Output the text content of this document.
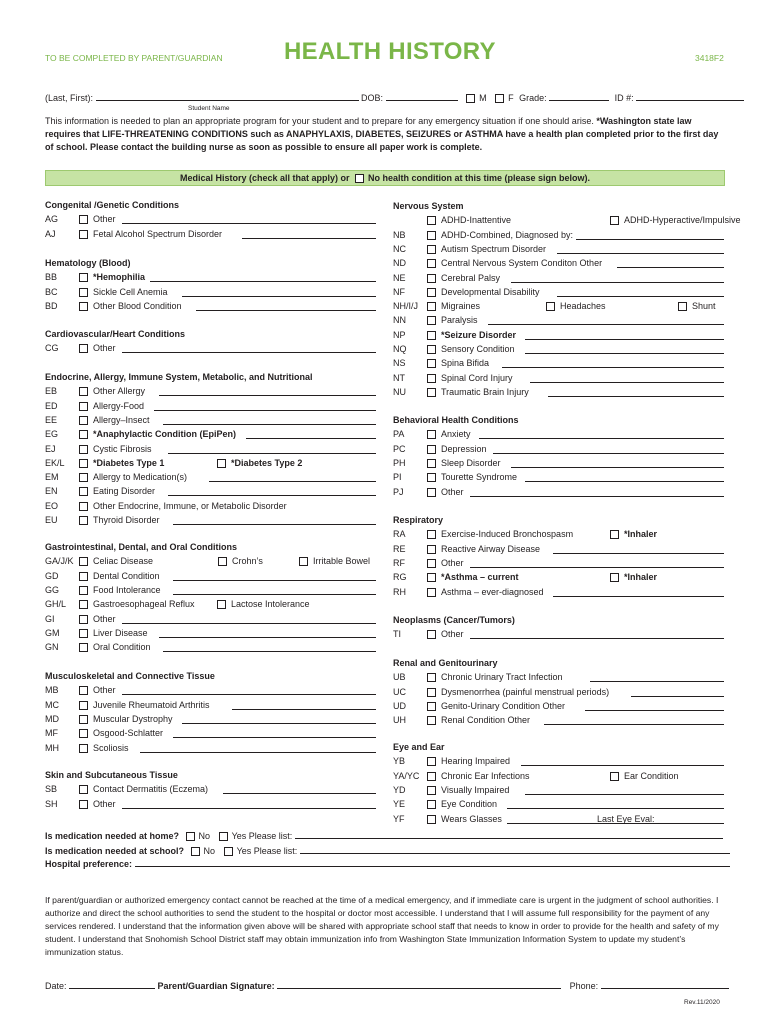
TO BE COMPLETED BY PARENT/GUARDIAN	HEALTH HISTORY	3418F2
(Last, First):	DOB:	M F Grade:	ID #:
Student Name
This information is needed to plan an appropriate program for your student and to prepare for any emergency situation if one should arise. *Washington state law requires that LIFE-THREATENING CONDITIONS such as ANAPHYLAXIS, DIABETES, SEIZURES or ASTHMA have a health plan completed prior to the first day of school. Please contact the building nurse as soon as possible to ensure all paper work is complete.
Medical History (check all that apply) or No health condition at this time (please sign below).
Congenital /Genetic Conditions
AG	Other
AJ	Fetal Alcohol Spectrum Disorder
Hematology (Blood)
BB	*Hemophilia
BC	Sickle Cell Anemia
BD	Other Blood Condition
Cardiovascular/Heart Conditions
CG	Other
Endocrine, Allergy, Immune System, Metabolic, and Nutritional
EB	Other Allergy
ED	Allergy-Food
EE	Allergy–Insect
EG	*Anaphylactic Condition (EpiPen)
EJ	Cystic Fibrosis
EK/L	*Diabetes Type 1	*Diabetes Type 2
EM	Allergy to Medication(s)
EN	Eating Disorder
EO	Other Endocrine, Immune, or Metabolic Disorder
EU	Thyroid Disorder
Gastrointestinal, Dental, and Oral Conditions
GA/J/K Celiac Disease	Crohn’s	Irritable Bowel
GD	Dental Condition
GG	Food Intolerance
GH/L	Gastroesophageal Reflux	Lactose Intolerance
GI	Other
GM	Liver Disease
GN	Oral Condition
Musculoskeletal and Connective Tissue
MB	Other
MC	Juvenile Rheumatoid Arthritis
MD	Muscular Dystrophy
MF	Osgood-Schlatter
MH	Scoliosis
Skin and Subcutaneous Tissue
SB	Contact Dermatitis (Eczema)
SH	Other
Nervous System
ADHD-Inattentive	ADHD-Hyperactive/Impulsive
NB	ADHD-Combined, Diagnosed by:
NC	Autism Spectrum Disorder
ND	Central Nervous System Conditon Other
NE	Cerebral Palsy
NF	Developmental Disability
NH/I/J	Migraines	Headaches	Shunt
NN	Paralysis
NP	*Seizure Disorder
NQ	Sensory Condition
NS	Spina Bifida
NT	Spinal Cord Injury
NU	Traumatic Brain Injury
Behavioral Health Conditions
PA	Anxiety
PC	Depression
PH	Sleep Disorder
PI	Tourette Syndrome
PJ	Other
Respiratory
RA	Exercise-Induced Bronchospasm	*Inhaler
RE	Reactive Airway Disease
RF	Other
RG	*Asthma – current	*Inhaler
RH	Asthma – ever-diagnosed
Neoplasms (Cancer/Tumors)
TI	Other
Renal and Genitourinary
UB	Chronic Urinary Tract Infection
UC	Dysmenorrhea (painful menstrual periods)
UD	Genito-Urinary Condition Other
UH	Renal Condition Other
Eye and Ear
YB	Hearing Impaired
YA/YC Chronic Ear Infections	Ear Condition
YD	Visually Impaired
YE	Eye Condition
YF	Wears Glasses	Last Eye Eval:
Is medication needed at home? No Yes Please list:
Is medication needed at school? No Yes Please list:
Hospital preference:
If parent/guardian or authorized emergency contact cannot be reached at the time of a medical emergency, and if immediate care is urgent in the judgment of school authorities. I authorize and direct the school authorities to send the student to the hospital or doctor most accessible. I understand that I will assume full responsibility for the payment of any services rendered. I understand that the information given above will be shared with appropriate school staff that needs to know in order to provide for the health and safety of my student. I understand that Snohomish School District staff may obtain immunization info from Washington State Immunization Information System to update my student’s immunization status.
Date:	Parent/Guardian Signature:	Phone:
Rev.11/2020
